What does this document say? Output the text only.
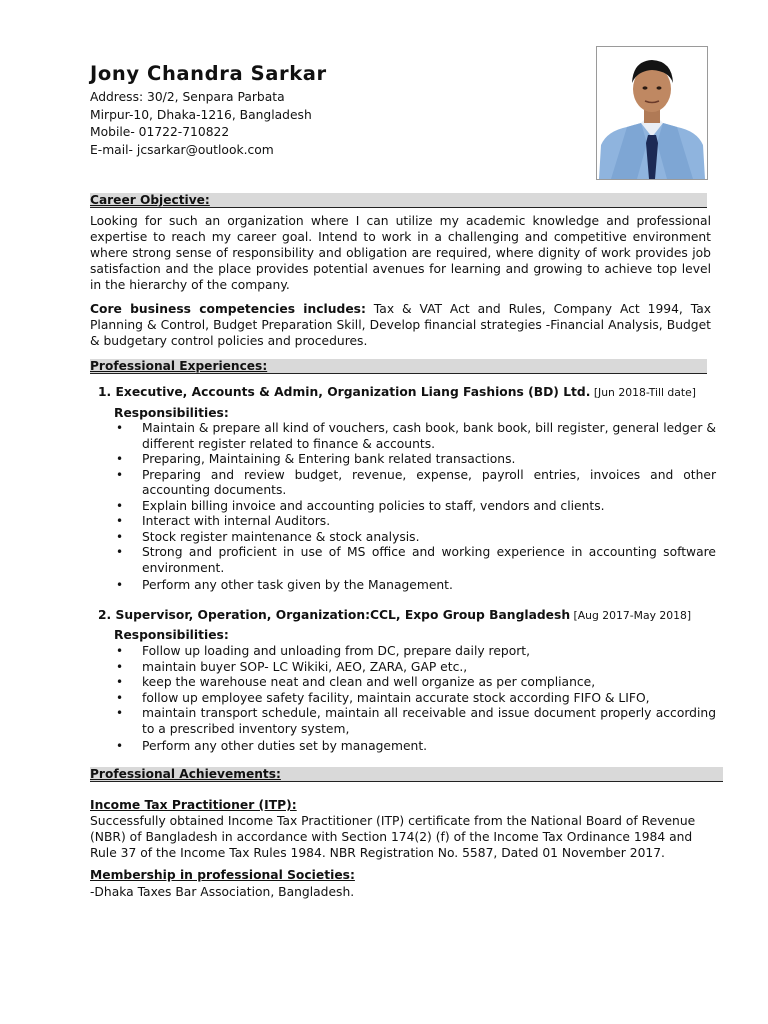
Jony Chandra Sarkar
Address: 30/2, Senpara Parbata
Mirpur-10, Dhaka-1216, Bangladesh
Mobile- 01722-710822
E-mail- jcsarkar@outlook.com
Career Objective:
Looking for such an organization where I can utilize my academic knowledge and professional expertise to reach my career goal. Intend to work in a challenging and competitive environment where strong sense of responsibility and obligation are required, where dignity of work provides job satisfaction and the place provides potential avenues for learning and growing to achieve top level in the hierarchy of the company.
Core business competencies includes: Tax & VAT Act and Rules, Company Act 1994, Tax Planning & Control, Budget Preparation Skill, Develop financial strategies -Financial Analysis, Budget & budgetary control policies and procedures.
Professional Experiences:
1. Executive, Accounts & Admin, Organization Liang Fashions (BD) Ltd. [Jun 2018-Till date]
Responsibilities:
• Maintain & prepare all kind of vouchers, cash book, bank book, bill register, general ledger & different register related to finance & accounts.
• Preparing, Maintaining & Entering bank related transactions.
• Preparing and review budget, revenue, expense, payroll entries, invoices and other accounting documents.
• Explain billing invoice and accounting policies to staff, vendors and clients.
• Interact with internal Auditors.
• Stock register maintenance & stock analysis.
• Strong and proficient in use of MS office and working experience in accounting software environment.
• Perform any other task given by the Management.
2. Supervisor, Operation, Organization:CCL, Expo Group Bangladesh [Aug 2017-May 2018]
Responsibilities:
• Follow up loading and unloading from DC, prepare daily report,
• maintain buyer SOP- LC Wikiki, AEO, ZARA, GAP etc.,
• keep the warehouse neat and clean and well organize as per compliance,
• follow up employee safety facility, maintain accurate stock according FIFO & LIFO,
• maintain transport schedule, maintain all receivable and issue document properly according to a prescribed inventory system,
• Perform any other duties set by management.
Professional Achievements:
Income Tax Practitioner (ITP):
Successfully obtained Income Tax Practitioner (ITP) certificate from the National Board of Revenue (NBR) of Bangladesh in accordance with Section 174(2) (f) of the Income Tax Ordinance 1984 and Rule 37 of the Income Tax Rules 1984. NBR Registration No. 5587, Dated 01 November 2017.
Membership in professional Societies:
-Dhaka Taxes Bar Association, Bangladesh.
